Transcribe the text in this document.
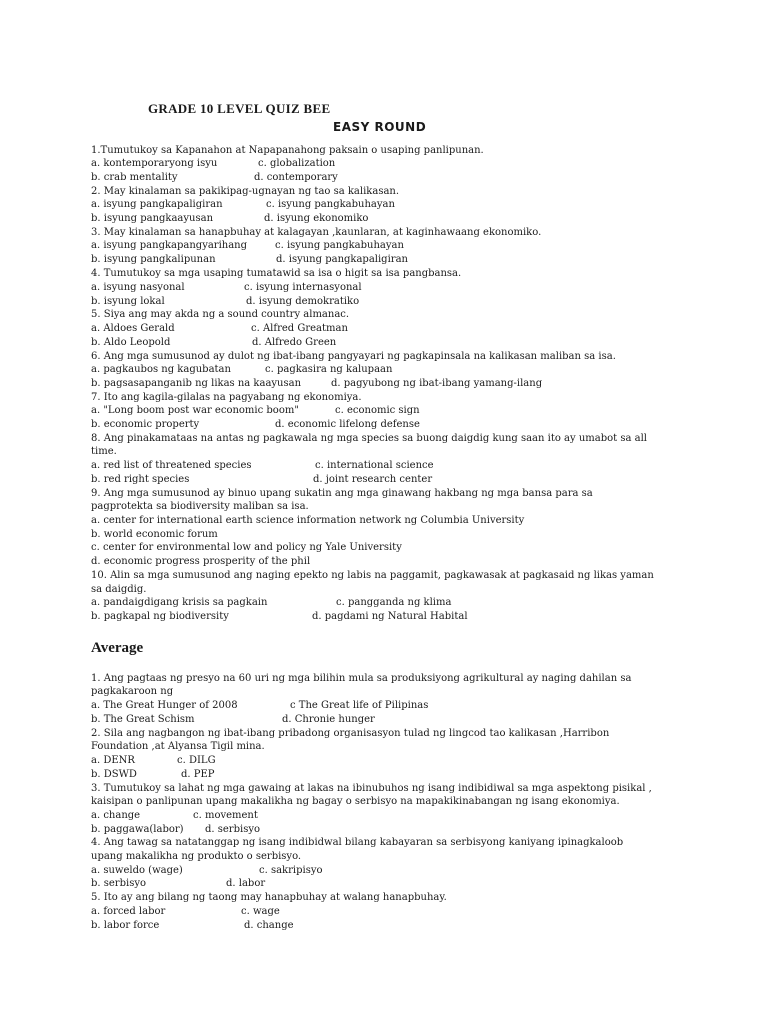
GRADE 10 LEVEL QUIZ BEE
EASY ROUND
1.Tumutukoy sa Kapanahon at Napapanahong paksain o usaping panlipunan.
a. kontemporaryong isyu	c. globalization
b. crab mentality	d. contemporary
2. May kinalaman sa pakikipag-ugnayan ng tao sa kalikasan.
a. isyung pangkapaligiran	c. isyung pangkabuhayan
b. isyung pangkaayusan	d. isyung ekonomiko
3. May kinalaman sa hanapbuhay at kalagayan ,kaunlaran, at kaginhawaang ekonomiko.
a. isyung pangkapangyarihang	c. isyung pangkabuhayan
b. isyung pangkalipunan	d. isyung pangkapaligiran
4. Tumutukoy sa mga usaping tumatawid sa isa o higit sa isa pangbansa.
a. isyung nasyonal	c. isyung internasyonal
b. isyung lokal	d. isyung demokratiko
5. Siya ang may akda ng a sound country almanac.
a. Aldoes Gerald	c. Alfred Greatman
b. Aldo Leopold	d. Alfredo Green
6. Ang mga sumusunod ay dulot ng ibat-ibang pangyayari ng pagkapinsala na kalikasan maliban sa isa.
a. pagkaubos ng kagubatan	c. pagkasira ng kalupaan
b. pagsasapanganib ng likas na kaayusan	d. pagyubong ng ibat-ibang yamang-ilang
7. Ito ang kagila-gilalas na pagyabang ng ekonomiya.
a. "Long boom post war economic boom"	c. economic sign
b. economic property	d. economic lifelong defense
8. Ang pinakamataas na antas ng pagkawala ng mga species sa buong daigdig kung saan ito ay umabot sa all
time.
a. red list of threatened species	c. international science
b. red right species	d. joint research center
9. Ang mga sumusunod ay binuo upang sukatin ang mga ginawang hakbang ng mga bansa para sa
pagprotekta sa biodiversity maliban sa isa.
a. center for international earth science information network ng Columbia University
b. world economic forum
c. center for environmental low and policy ng Yale University
d. economic progress prosperity of the phil
10. Alin sa mga sumusunod ang naging epekto ng labis na paggamit, pagkawasak at pagkasaid ng likas yaman
sa daigdig.
a. pandaigdigang krisis sa pagkain	c. pangganda ng klima
b. pagkapal ng biodiversity	d. pagdami ng Natural Habital
Average
1. Ang pagtaas ng presyo na 60 uri ng mga bilihin mula sa produksiyong agrikultural ay naging dahilan sa
pagkakaroon ng
a. The Great Hunger of 2008	c The Great life of Pilipinas
b. The Great Schism	d. Chronie hunger
2. Sila ang nagbangon ng ibat-ibang pribadong organisasyon tulad ng lingcod tao kalikasan ,Harribon
Foundation ,at Alyansa Tigil mina.
a. DENR	c. DILG
b. DSWD	d. PEP
3. Tumutukoy sa lahat ng mga gawaing at lakas na ibinubuhos ng isang indibidiwal sa mga aspektong pisikal ,
kaisipan o panlipunan upang makalikha ng bagay o serbisyo na mapakikinabangan ng isang ekonomiya.
a. change	c. movement
b. paggawa(labor) d. serbisyo
4. Ang tawag sa natatanggap ng isang indibidwal bilang kabayaran sa serbisyong kaniyang ipinagkaloob
upang makalikha ng produkto o serbisyo.
a. suweldo (wage)	c. sakripisyo
b. serbisyo	d. labor
5. Ito ay ang bilang ng taong may hanapbuhay at walang hanapbuhay.
a. forced labor	c. wage
b. labor force	d. change
